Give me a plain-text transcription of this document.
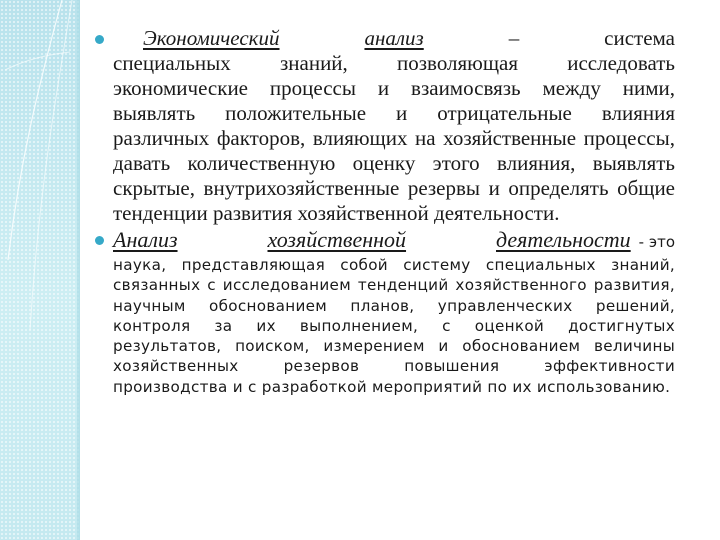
Экономический	анализ	–	система
специальных знаний, позволяющая исследовать экономические процессы и взаимосвязь между ними, выявлять положительные и отрицательные влияния различных факторов, влияющих на хозяйственные процессы, давать количественную оценку этого влияния, выявлять скрытые, внутрихозяйственные резервы и определять общие тенденции развития хозяйственной деятельности.
Анализ	хозяйственной	деятельности - это
наука, представляющая собой систему специальных знаний, связанных с исследованием тенденций хозяйственного развития, научным обоснованием планов, управленческих решений, контроля за их выполнением, с оценкой достигнутых результатов, поиском, измерением и обоснованием величины хозяйственных резервов повышения эффективности производства и с разработкой мероприятий по их использованию.
